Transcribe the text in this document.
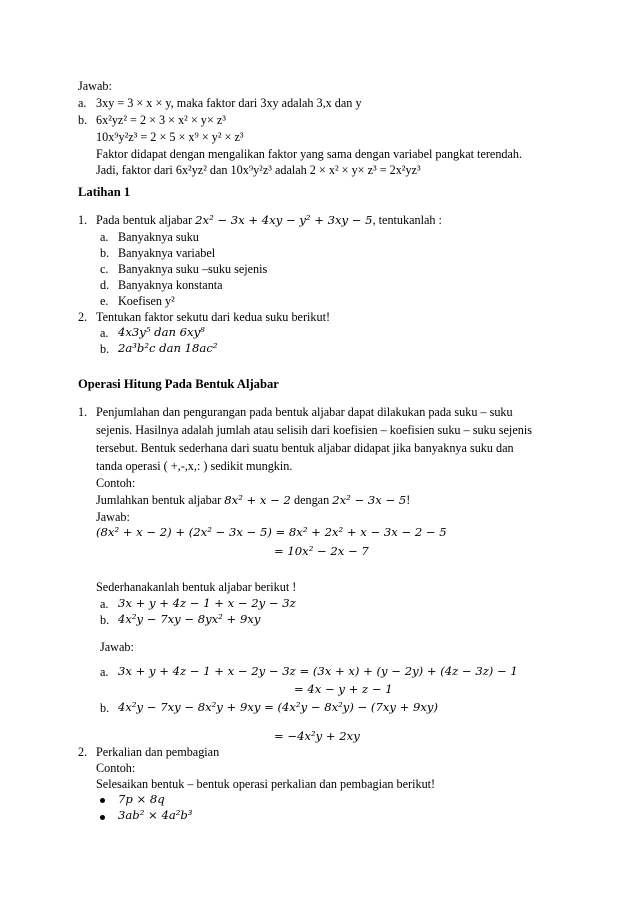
Jawab:
a. 3xy = 3 × x × y, maka faktor dari 3xy adalah 3,x dan y
b. 6x²yz² = 2 × 3 × x² × y× z³
10x⁹y²z³ = 2 × 5 × x⁹ × y² × z³
Faktor didapat dengan mengalikan faktor yang sama dengan variabel pangkat terendah.
Jadi, faktor dari 6x²yz² dan 10x⁹y²z³ adalah 2 × x² × y× z³ = 2x²yz³
Latihan 1
1. Pada bentuk aljabar 2x² − 3x + 4xy − y² + 3xy − 5, tentukanlah :
a. Banyaknya suku
b. Banyaknya variabel
c. Banyaknya suku –suku sejenis
d. Banyaknya konstanta
e. Koefisen y²
2. Tentukan faktor sekutu dari kedua suku berikut!
a. 4x3y⁵ dan 6xy⁸
b. 2a³b²c dan 18ac²
Operasi Hitung Pada Bentuk Aljabar
1. Penjumlahan dan pengurangan pada bentuk aljabar dapat dilakukan pada suku – suku
sejenis. Hasilnya adalah jumlah atau selisih dari koefisien – koefisien suku – suku sejenis
tersebut. Bentuk sederhana dari suatu bentuk aljabar didapat jika banyaknya suku dan
tanda operasi ( +,-,x,: ) sedikit mungkin.
Contoh:
Jumlahkan bentuk aljabar 8x² + x − 2 dengan 2x² − 3x − 5!
Jawab:
(8x² + x − 2) + (2x² − 3x − 5) = 8x² + 2x² + x − 3x − 2 − 5
= 10x² − 2x − 7
Sederhanakanlah bentuk aljabar berikut !
a. 3x + y + 4z − 1 + x − 2y − 3z
b. 4x²y − 7xy − 8yx² + 9xy
Jawab:
a. 3x + y + 4z − 1 + x − 2y − 3z = (3x + x) + (y − 2y) + (4z − 3z) − 1
= 4x − y + z − 1
b. 4x²y − 7xy − 8x²y + 9xy = (4x²y − 8x²y) − (7xy + 9xy)
= −4x²y + 2xy
2. Perkalian dan pembagian
Contoh:
Selesaikan bentuk – bentuk operasi perkalian dan pembagian berikut!
7p × 8q
3ab² × 4a²b³
